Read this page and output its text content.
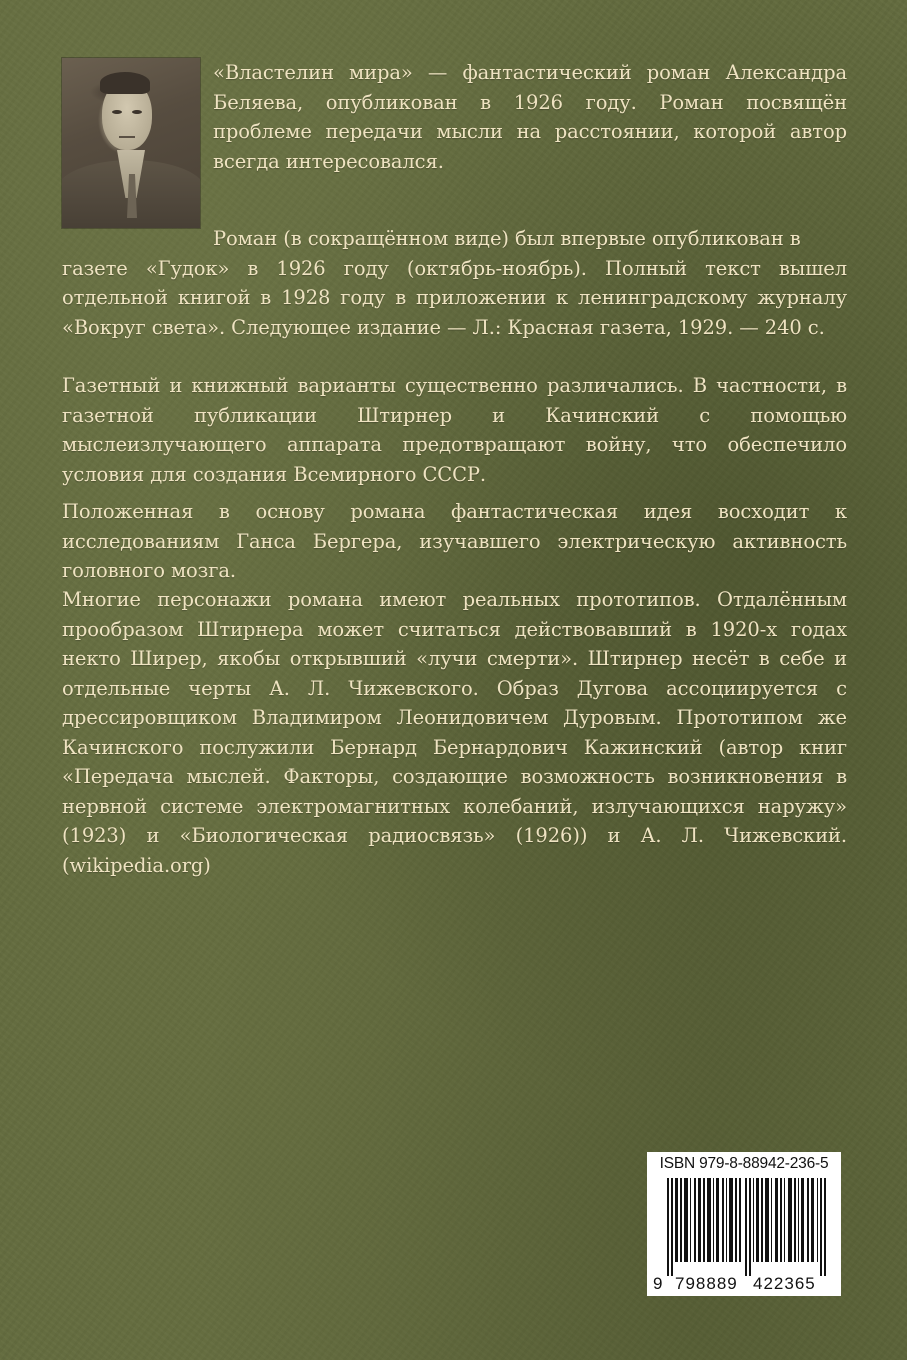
«Властелин мира» — фантастический роман Александра Беляева, опубликован в 1926 году. Роман посвящён проблеме передачи мысли на расстоянии, которой автор всегда интересовался.

Роман (в сокращённом виде) был впервые опубликован в
газете «Гудок» в 1926 году (октябрь-ноябрь). Полный текст вышел отдельной книгой в 1928 году в приложении к ленинградскому журналу «Вокруг света». Следующее издание — Л.: Красная газета, 1929. — 240 с.

Газетный и книжный варианты существенно различались. В частности, в газетной публикации Штирнер и Качинский с помощью мыслеизлучающего аппарата предотвращают войну, что обеспечило условия для создания Всемирного СССР.

Положенная в основу романа фантастическая идея восходит к исследованиям Ганса Бергера, изучавшего электрическую активность головного мозга.

Многие персонажи романа имеют реальных прототипов. Отдалённым прообразом Штирнера может считаться действовавший в 1920-х годах некто Ширер, якобы открывший «лучи смерти». Штирнер несёт в себе и отдельные черты А. Л. Чижевского. Образ Дугова ассоциируется с дрессировщиком Владимиром Леонидовичем Дуровым. Прототипом же Качинского послужили Бернард Бернардович Кажинский (автор книг «Передача мыслей. Факторы, создающие возможность возникновения в нервной системе электромагнитных колебаний, излучающихся наружу» (1923) и «Биологическая радиосвязь» (1926)) и А. Л. Чижевский. (wikipedia.org)

ISBN 979-8-88942-236-5
9 798889 422365
